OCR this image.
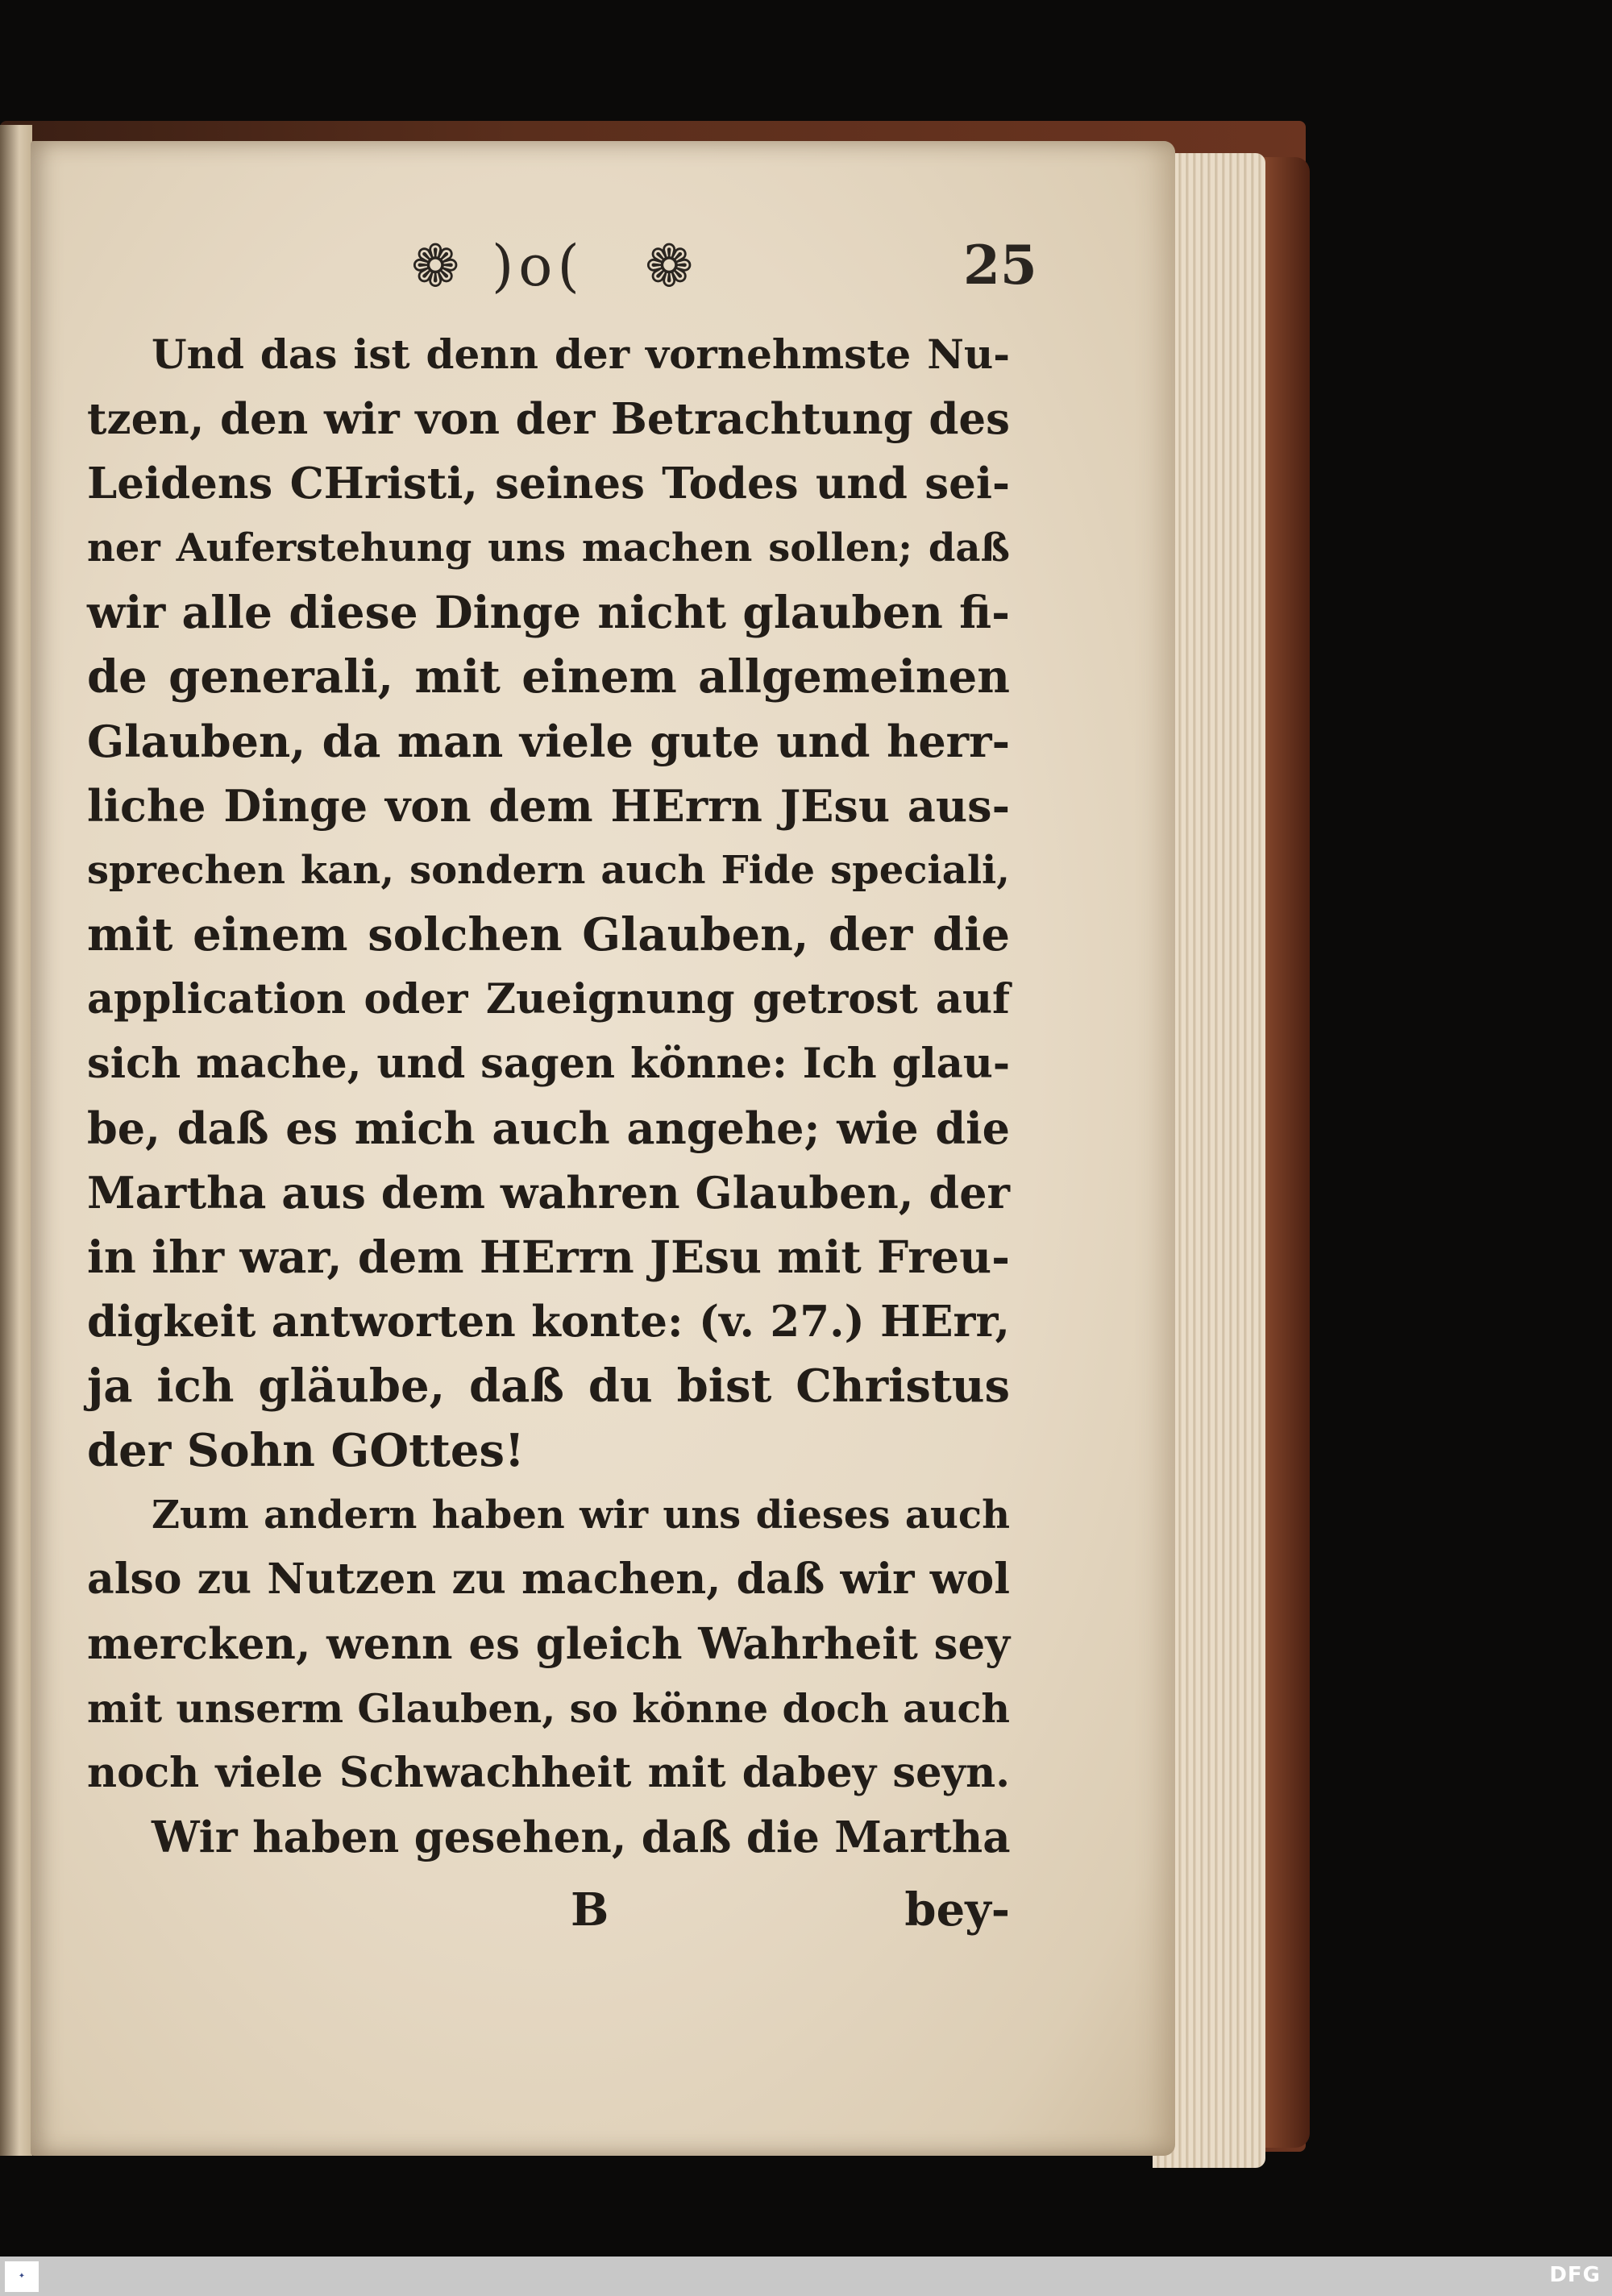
❁ )o( ❁	25
Und das ist denn der vornehmste Nu-
tzen, den wir von der Betrachtung des
Leidens CHristi, seines Todes und sei-
ner Auferstehung uns machen sollen; daß
wir alle diese Dinge nicht glauben fi-
de generali, mit einem allgemeinen
Glauben, da man viele gute und herr-
liche Dinge von dem HErrn JEsu aus-
sprechen kan, sondern auch Fide speciali,
mit einem solchen Glauben, der die
application oder Zueignung getrost auf
sich mache, und sagen könne: Ich glau-
be, daß es mich auch angehe; wie die
Martha aus dem wahren Glauben, der
in ihr war, dem HErrn JEsu mit Freu-
digkeit antworten konte: (v. 27.) HErr,
ja ich gläube, daß du bist Christus
der Sohn GOttes!
Zum andern haben wir uns dieses auch
also zu Nutzen zu machen, daß wir wol
mercken, wenn es gleich Wahrheit sey
mit unserm Glauben, so könne doch auch
noch viele Schwachheit mit dabey seyn.
Wir haben gesehen, daß die Martha
B	bey-
✦	DFG
